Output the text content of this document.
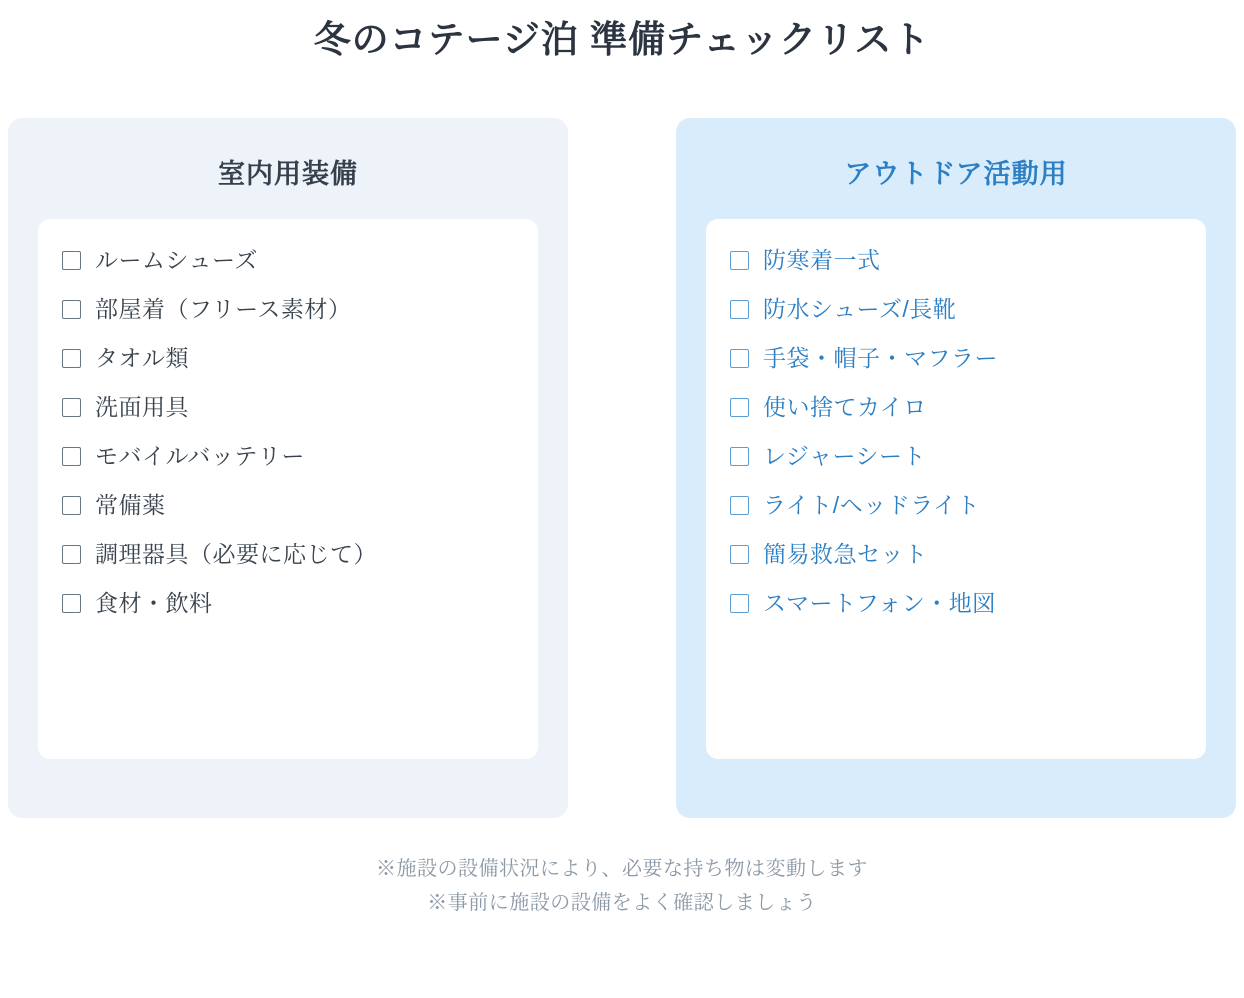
冬のコテージ泊 準備チェックリスト
室内用装備
ルームシューズ
部屋着（フリース素材）
タオル類
洗面用具
モバイルバッテリー
常備薬
調理器具（必要に応じて）
食材・飲料
アウトドア活動用
防寒着一式
防水シューズ/長靴
手袋・帽子・マフラー
使い捨てカイロ
レジャーシート
ライト/ヘッドライト
簡易救急セット
スマートフォン・地図
※施設の設備状況により、必要な持ち物は変動します
※事前に施設の設備をよく確認しましょう
